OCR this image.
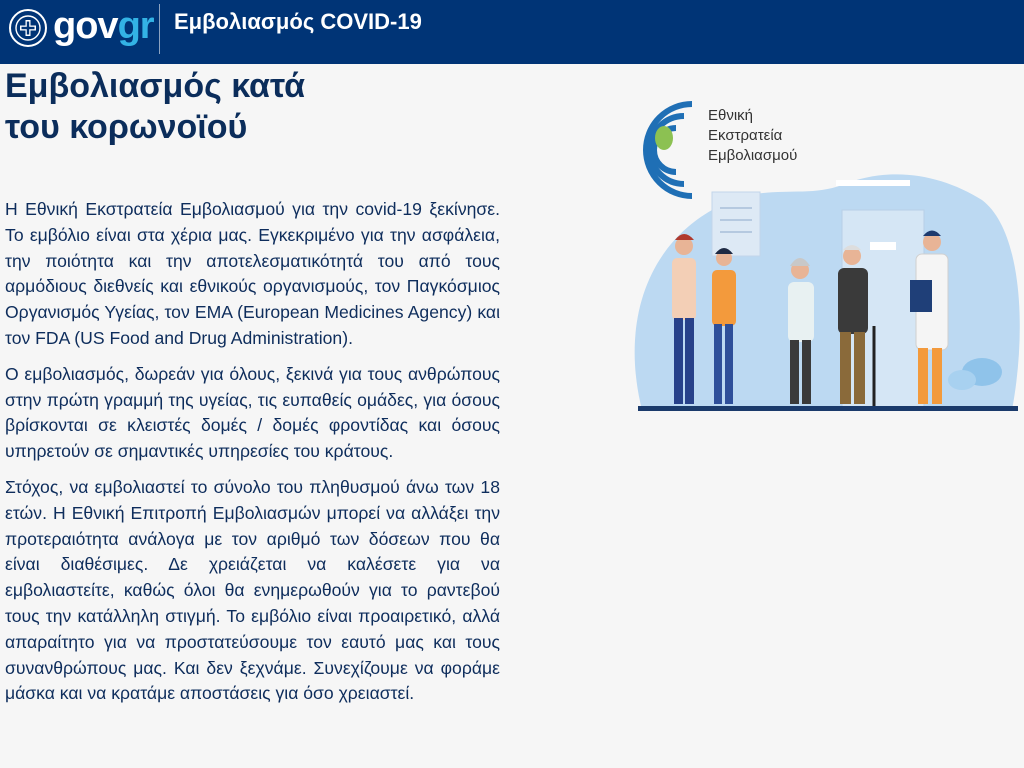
govgr Εμβολιασμός COVID-19
Εμβολιασμός κατά
του κορωνοϊού

Η Εθνική Εκστρατεία Εμβολιασμού για την covid-19 ξεκίνησε. Το εμβόλιο είναι στα χέρια μας. Εγκεκριμένο για την ασφάλεια, την ποιότητα και την αποτελεσματικότητά του από τους αρμόδιους διεθνείς και εθνικούς οργανισμούς, τον Παγκόσμιος Οργανισμός Υγείας, τον EMA (European Medicines Agency) και τον FDA (US Food and Drug Administration).

Ο εμβολιασμός, δωρεάν για όλους, ξεκινά για τους ανθρώπους στην πρώτη γραμμή της υγείας, τις ευπαθείς ομάδες, για όσους βρίσκονται σε κλειστές δομές / δομές φροντίδας και όσους υπηρετούν σε σημαντικές υπηρεσίες του κράτους.

Στόχος, να εμβολιαστεί το σύνολο του πληθυσμού άνω των 18 ετών. Η Εθνική Επιτροπή Εμβολιασμών μπορεί να αλλάξει την προτεραιότητα ανάλογα με τον αριθμό των δόσεων που θα είναι διαθέσιμες. Δε χρειάζεται να καλέσετε για να εμβολιαστείτε, καθώς όλοι θα ενημερωθούν για το ραντεβού τους την κατάλληλη στιγμή. Το εμβόλιο είναι προαιρετικό, αλλά απαραίτητο για να προστατεύσουμε τον εαυτό μας και τους συνανθρώπους μας. Και δεν ξεχνάμε. Συνεχίζουμε να φοράμε μάσκα και να κρατάμε αποστάσεις για όσο χρειαστεί.

Εθνική
Εκστρατεία
Εμβολιασμού
